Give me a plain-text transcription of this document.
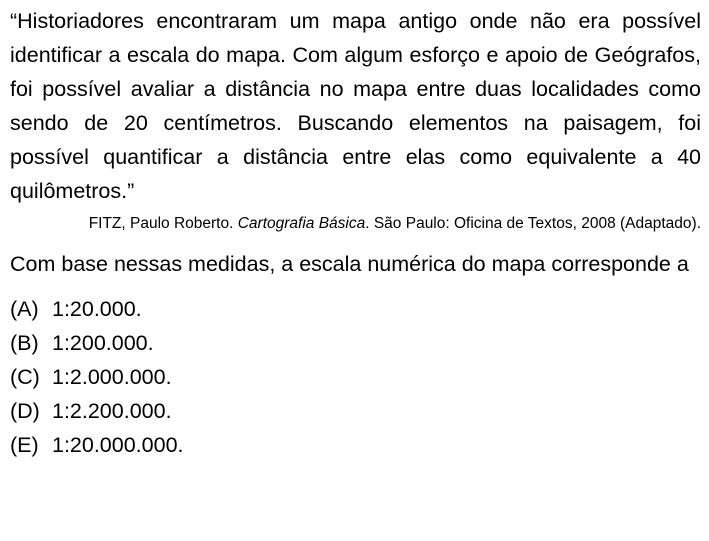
“Historiadores encontraram um mapa antigo onde não era possível identificar a escala do mapa. Com algum esforço e apoio de Geógrafos, foi possível avaliar a distância no mapa entre duas localidades como sendo de 20 centímetros. Buscando elementos na paisagem, foi possível quantificar a distância entre elas como equivalente a 40 quilômetros.”

FITZ, Paulo Roberto. Cartografia Básica. São Paulo: Oficina de Textos, 2008 (Adaptado).

Com base nessas medidas, a escala numérica do mapa corresponde a

(A) 1:20.000.
(B) 1:200.000.
(C) 1:2.000.000.
(D) 1:2.200.000.
(E) 1:20.000.000.
